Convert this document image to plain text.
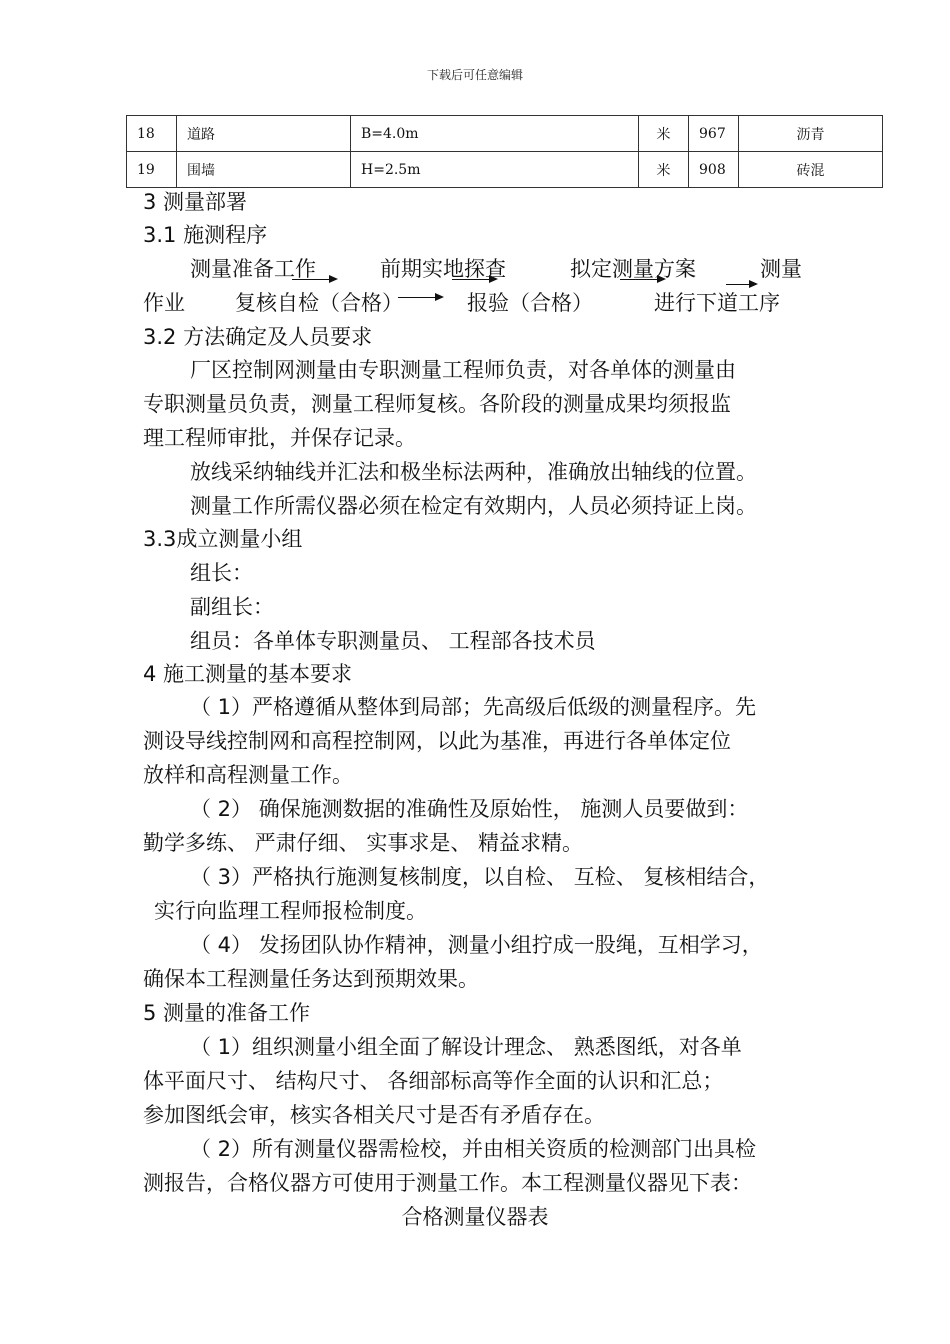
下载后可任意编辑
18	道路	B=4.0m	米	967	沥青
19	围墙	H=2.5m	米	908	砖混
3 测量部署
3.1 施测程序
测量准备工作	前期实地探查	拟定测量方案	测量
作业 复核自检（合格）	报验（合格）	进行下道工序
3.2 方法确定及人员要求
厂区控制网测量由专职测量工程师负责，对各单体的测量由
专职测量员负责，测量工程师复核。各阶段的测量成果均须报监
理工程师审批，并保存记录。
放线采纳轴线并汇法和极坐标法两种，准确放出轴线的位置。
测量工作所需仪器必须在检定有效期内，人员必须持证上岗。
3.3成立测量小组
组长：
副组长：
组员：各单体专职测量员、 工程部各技术员
4 施工测量的基本要求
（ 1）严格遵循从整体到局部；先高级后低级的测量程序。先
测设导线控制网和高程控制网，以此为基准，再进行各单体定位
放样和高程测量工作。
（ 2） 确保施测数据的准确性及原始性， 施测人员要做到：
勤学多练、 严肃仔细、 实事求是、 精益求精。
（ 3）严格执行施测复核制度，以自检、 互检、 复核相结合，
实行向监理工程师报检制度。
（ 4） 发扬团队协作精神，测量小组拧成一股绳，互相学习，
确保本工程测量任务达到预期效果。
5 测量的准备工作
（ 1）组织测量小组全面了解设计理念、 熟悉图纸，对各单
体平面尺寸、 结构尺寸、 各细部标高等作全面的认识和汇总；
参加图纸会审，核实各相关尺寸是否有矛盾存在。
（ 2）所有测量仪器需检校，并由相关资质的检测部门出具检
测报告，合格仪器方可使用于测量工作。本工程测量仪器见下表：
合格测量仪器表
